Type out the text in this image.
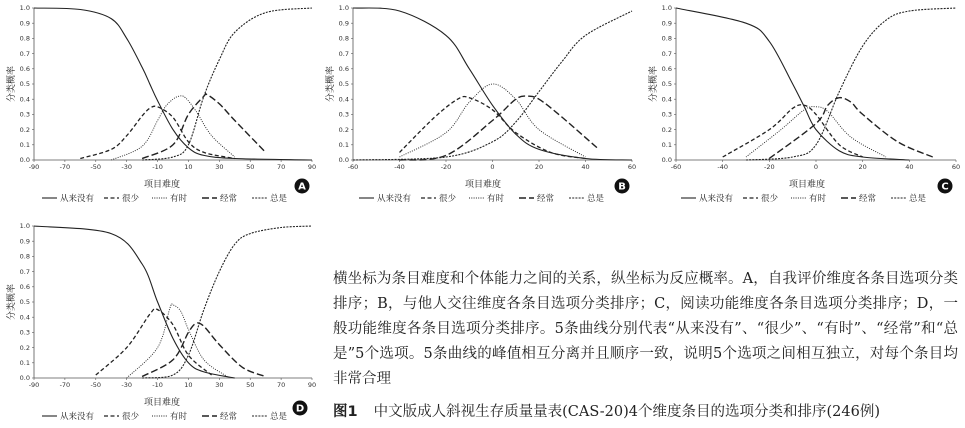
0.0
0.1
0.2
0.3
0.4
0.5
0.6
0.7
0.8
0.9
1.0
-90	-70	-50	-30	-10	10	30	50	70	90
项目难度
分类概率
从来没有	很少	有时	经常	总是
A
0.0
0.1
0.2
0.3
0.4
0.5
0.6
0.7
0.8
0.9
1.0
-60	-40	-20	0	20	40	60
项目难度
分类概率
从来没有	很少	有时	经常	总是
B
0.0
0.1
0.2
0.3
0.4
0.5
0.6
0.7
0.8
0.9
1.0
-60	-40	-20	0	20	40	60
项目难度
分类概率
从来没有	很少	有时	经常	总是
C
0.0
0.1
0.2
0.3
0.4
0.5
0.6
0.7
0.8
0.9
1.0
-90	-70	-50	-30	-10	10	30	50	70	90
项目难度
分类概率
从来没有	很少	有时	经常	总是
D

横坐标为条目难度和个体能力之间的关系，纵坐标为反应概率。A，自我评价维度各条目选项分类排序；B，与他人交往维度各条目选项分类排序；C，阅读功能维度各条目选项分类排序；D，一般功能维度各条目选项分类排序。5条曲线分别代表“从来没有”、“很少”、“有时”、“经常”和“总是”5个选项。5条曲线的峰值相互分离并且顺序一致，说明5个选项之间相互独立，对每个条目均非常合理

图1 中文版成人斜视生存质量量表(CAS-20)4个维度条目的选项分类和排序(246例)
